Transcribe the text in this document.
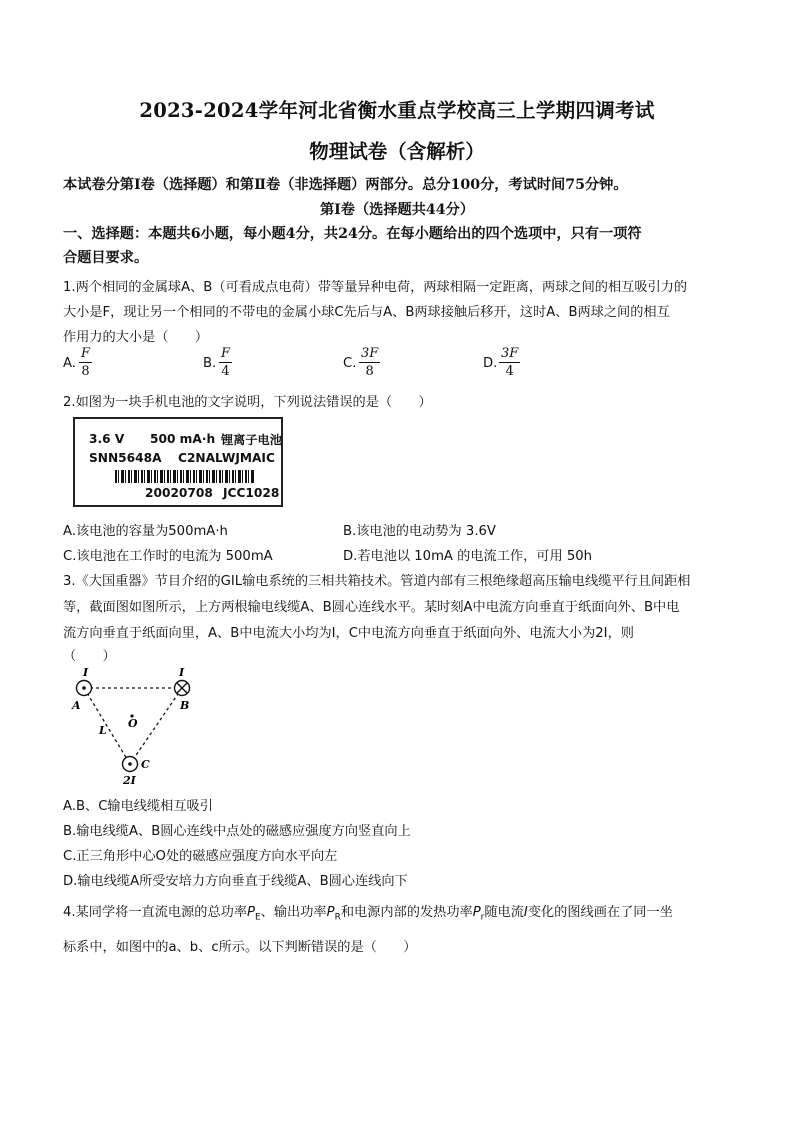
2023-2024学年河北省衡水重点学校高三上学期四调考试
物理试卷（含解析）
本试卷分第Ⅰ卷（选择题）和第Ⅱ卷（非选择题）两部分。总分100分，考试时间75分钟。
第Ⅰ卷（选择题共44分）
一、选择题：本题共6小题，每小题4分，共24分。在每小题给出的四个选项中，只有一项符
合题目要求。
1.两个相同的金属球A、B（可看成点电荷）带等量异种电荷，两球相隔一定距离，两球之间的相互吸引力的
大小是F，现让另一个相同的不带电的金属小球C先后与A、B两球接触后移开，这时A、B两球之间的相互
作用力的大小是（　　）
A. $\frac{F}{8}$	B. $\frac{F}{4}$	C. $\frac{3F}{8}$	D. $\frac{3F}{4}$
2.如图为一块手机电池的文字说明，下列说法错误的是（　　）
3.6 V 500 mA·h 锂离子电池
SNN5648A C2NALWJMAIC
20020708 JCC1028
A.该电池的容量为500mA·h	B.该电池的电动势为 3.6V
C.该电池在工作时的电流为 500mA	D.若电池以 10mA 的电流工作，可用 50h
3.《大国重器》节目介绍的GIL输电系统的三相共箱技术。管道内部有三根绝缘超高压输电线缆平行且间距相
等，截面图如图所示，上方两根输电线缆A、B圆心连线水平。某时刻A中电流方向垂直于纸面向外、B中电
流方向垂直于纸面向里，A、B中电流大小均为I，C中电流方向垂直于纸面向外、电流大小为2I，则
（　　）
I	I
A	B
L
O
C
2I
A.B、C输电线缆相互吸引
B.输电线缆A、B圆心连线中点处的磁感应强度方向竖直向上
C.正三角形中心O处的磁感应强度方向水平向左
D.输电线缆A所受安培力方向垂直于线缆A、B圆心连线向下
4.某同学将一直流电源的总功率$P_E$、输出功率$P_R$和电源内部的发热功率$P_r$随电流I变化的图线画在了同一坐
标系中，如图中的a、b、c所示。以下判断错误的是（　　）
